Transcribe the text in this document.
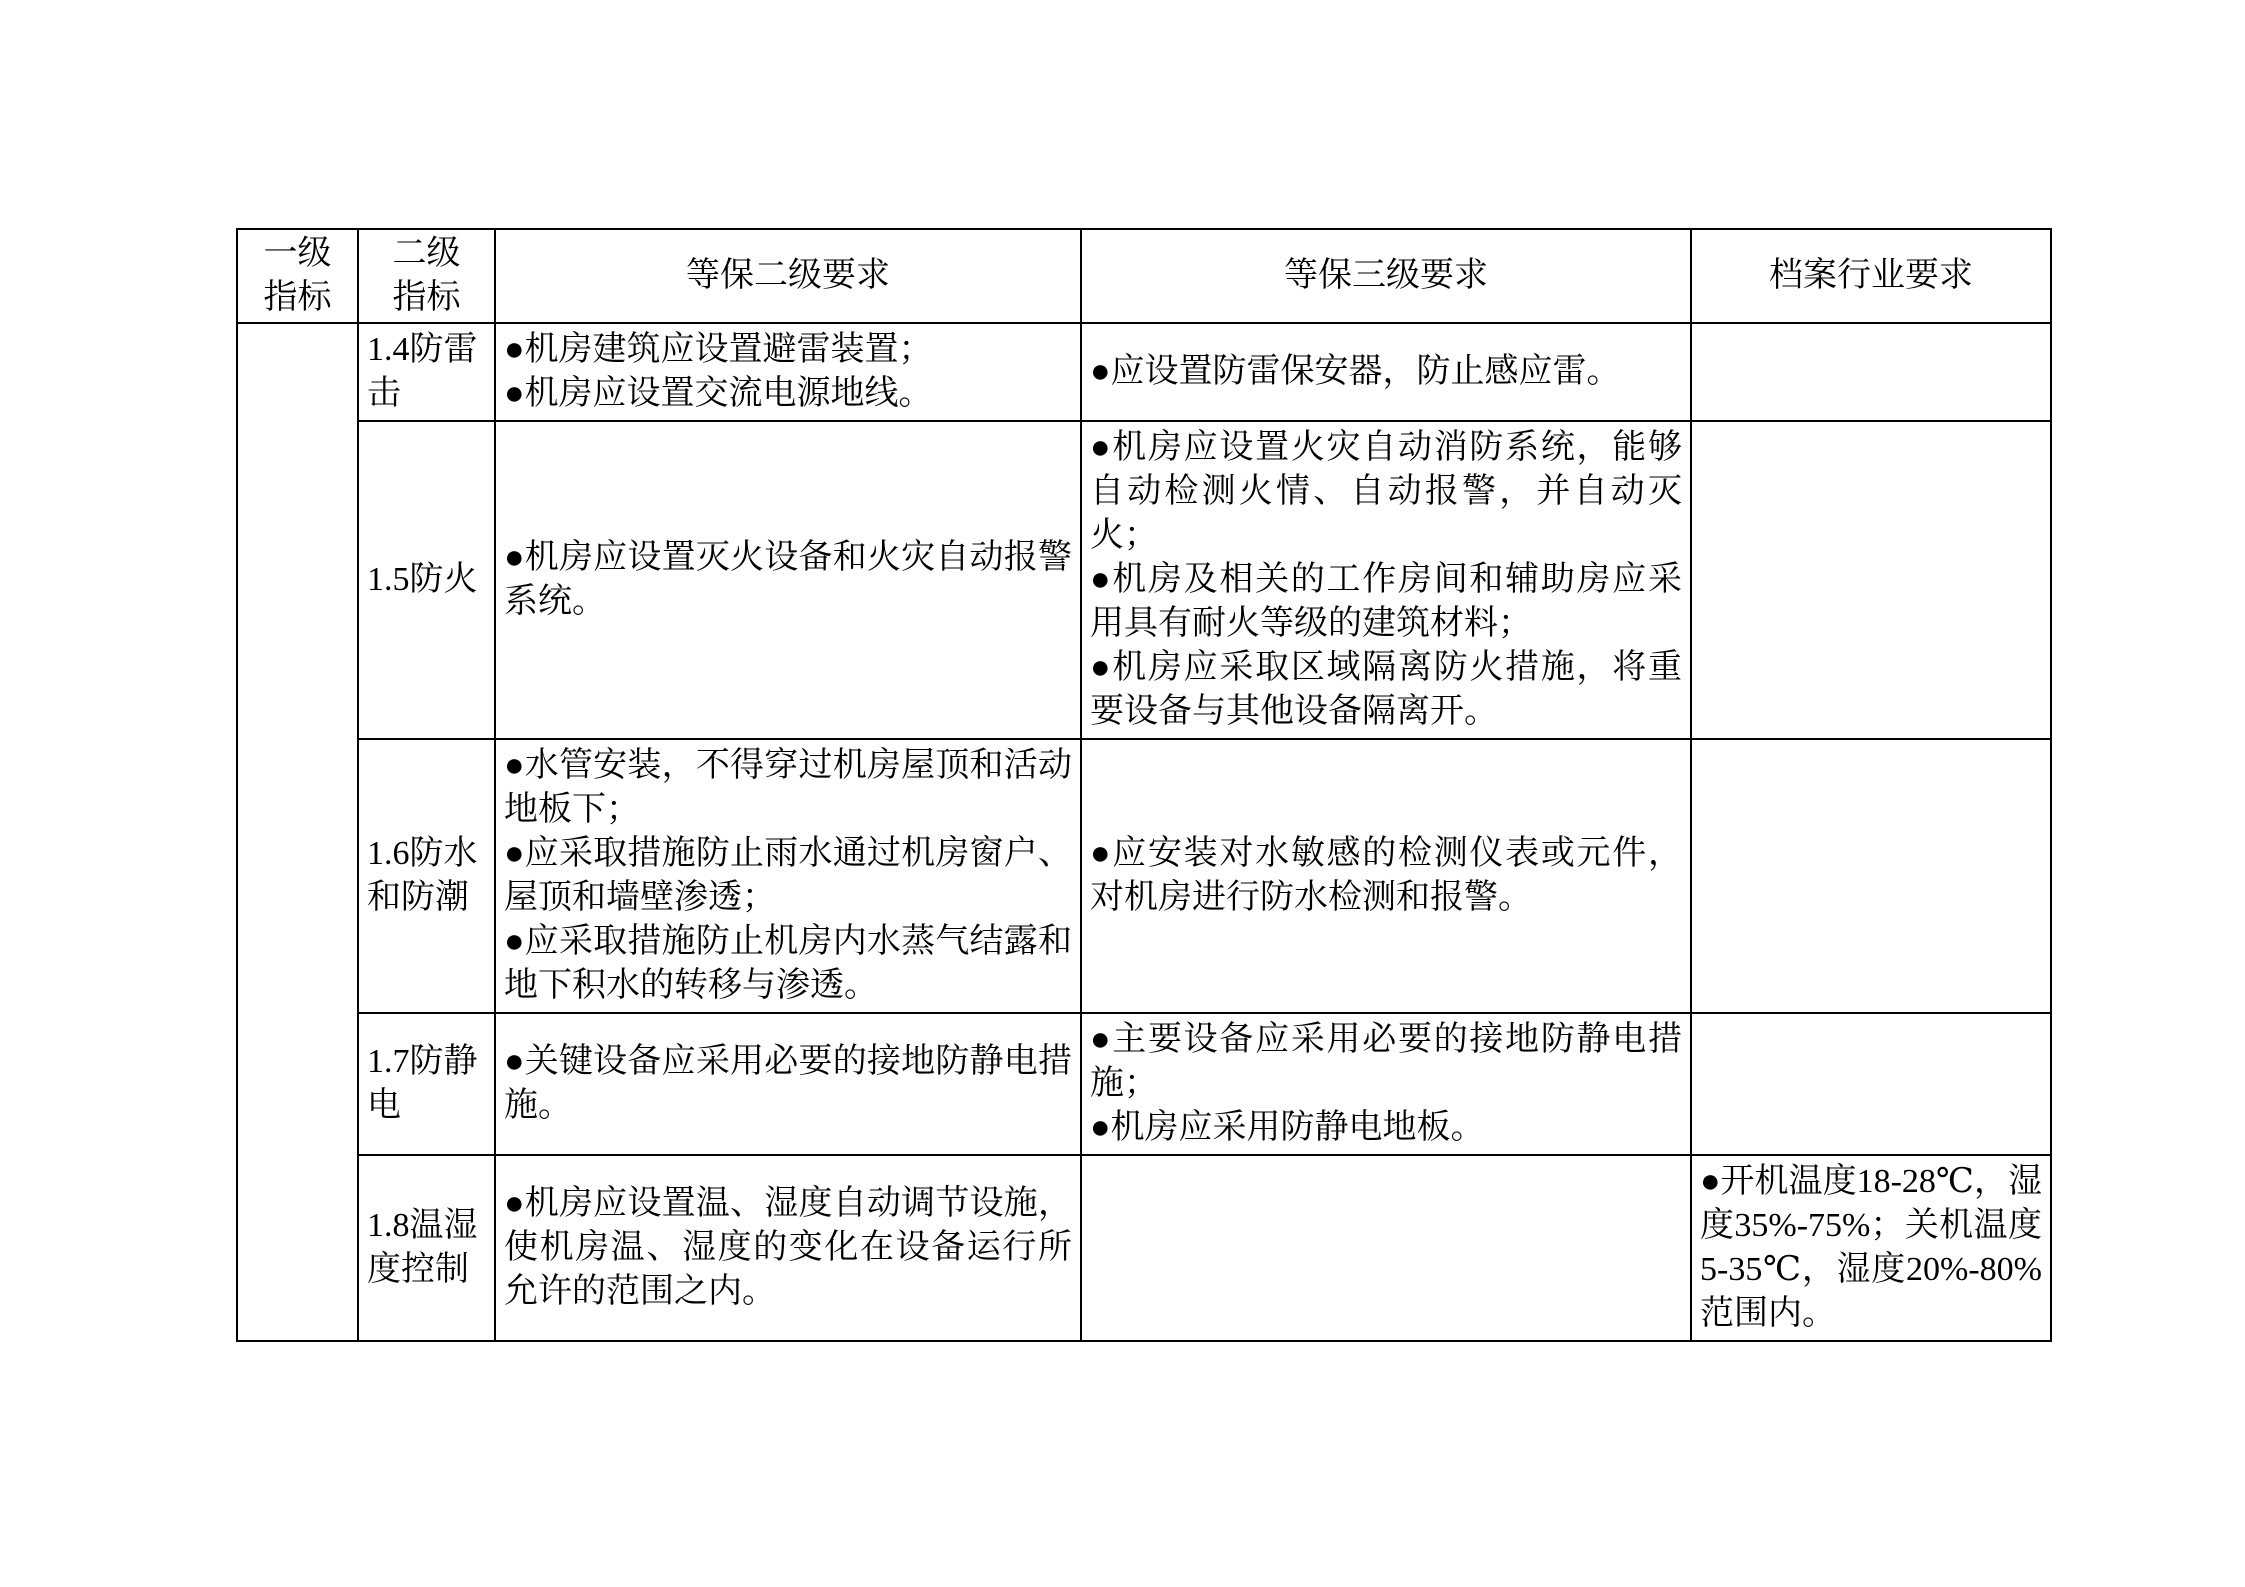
一级指标	二级指标	等保二级要求	等保三级要求	档案行业要求
	1.4防雷击	●机房建筑应设置避雷装置；
●机房应设置交流电源地线。	●应设置防雷保安器，防止感应雷。	

	1.5防火	●机房应设置灭火设备和火灾自动报警系统。	●机房应设置火灾自动消防系统，能够自动检测火情、自动报警，并自动灭火；
●机房及相关的工作房间和辅助房应采用具有耐火等级的建筑材料；
●机房应采取区域隔离防火措施，将重要设备与其他设备隔离开。	

	1.6防水和防潮	●水管安装，不得穿过机房屋顶和活动地板下；
●应采取措施防止雨水通过机房窗户、屋顶和墙壁渗透；
●应采取措施防止机房内水蒸气结露和地下积水的转移与渗透。	●应安装对水敏感的检测仪表或元件，对机房进行防水检测和报警。	

	1.7防静电	●关键设备应采用必要的接地防静电措施。	●主要设备应采用必要的接地防静电措施；
●机房应采用防静电地板。	

	1.8温湿度控制	●机房应设置温、湿度自动调节设施，使机房温、湿度的变化在设备运行所允许的范围之内。		●开机温度18-28℃，湿度35%-75%；关机温度5-35℃，湿度20%-80%范围内。
